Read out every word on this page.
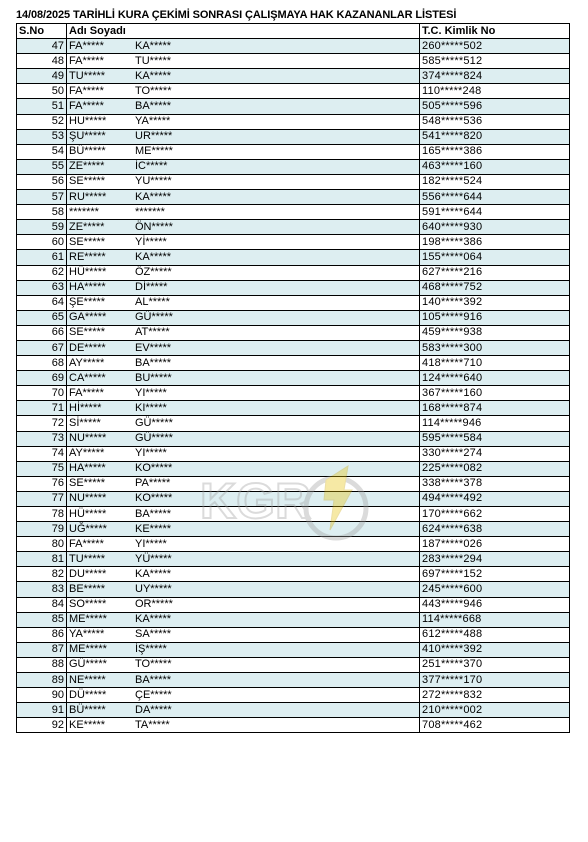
14/08/2025 TARİHLİ KURA ÇEKİMİ SONRASI ÇALIŞMAYA HAK KAZANANLAR LİSTESİ
S.No	Adı Soyadı	T.C. Kimlik No
47	FA***** KA*****	260*****502
48	FA***** TU*****	585*****512
49	TU***** KA*****	374*****824
50	FA***** TO*****	110*****248
51	FA***** BA*****	505*****596
52	HU***** YA*****	548*****536
53	ŞU***** UR*****	541*****820
54	BÜ***** ME*****	165*****386
55	ZE***** İC*****	463*****160
56	SE***** YU*****	182*****524
57	RU***** KA*****	556*****644
58	******* *******	591*****644
59	ZE***** ÖN*****	640*****930
60	SE***** Yİ*****	198*****386
61	RE***** KA*****	155*****064
62	HÜ***** ÖZ*****	627*****216
63	HA***** Dİ*****	468*****752
64	ŞE***** AL*****	140*****392
65	GA***** GÜ*****	105*****916
66	SE***** AT*****	459*****938
67	DE***** EV*****	583*****300
68	AY***** BA*****	418*****710
69	CA***** BU*****	124*****640
70	FA***** YI*****	367*****160
71	Hİ***** KI*****	168*****874
72	Sİ***** GÜ*****	114*****946
73	NU***** GÜ*****	595*****584
74	AY***** YI*****	330*****274
75	HA***** KO*****	225*****082
76	SE***** PA*****	338*****378
77	NU***** KO*****	494*****492
78	HÜ***** BA*****	170*****662
79	UĞ***** KE*****	624*****638
80	FA***** YI*****	187*****026
81	TU***** YÜ*****	283*****294
82	DU***** KA*****	697*****152
83	BE***** UY*****	245*****600
84	SO***** OR*****	443*****946
85	ME***** KA*****	114*****668
86	YA***** SA*****	612*****488
87	ME***** İŞ*****	410*****392
88	GÜ***** TO*****	251*****370
89	NE***** BA*****	377*****170
90	DÜ***** ÇE*****	272*****832
91	BÜ***** DA*****	210*****002
92	KE***** TA*****	708*****462
KGR
